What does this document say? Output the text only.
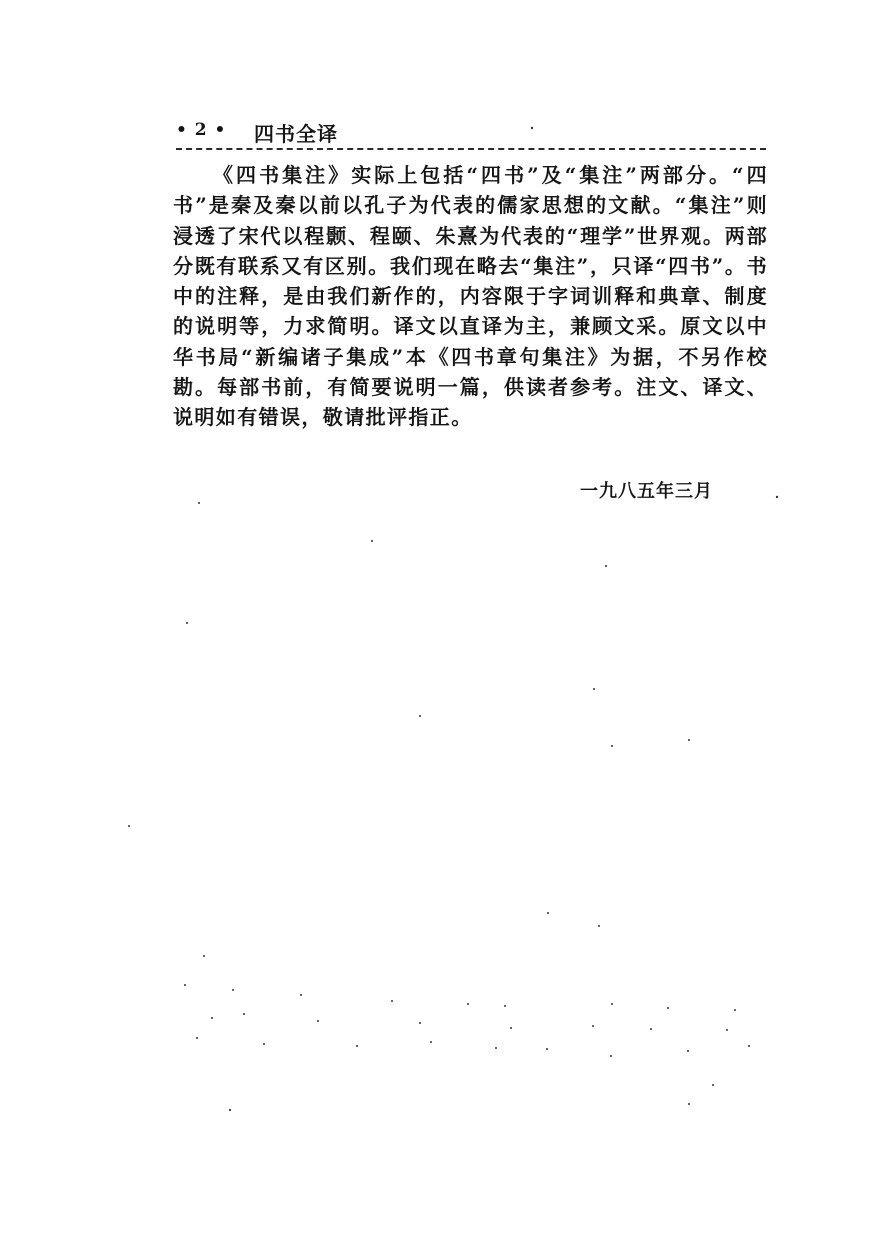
• 2 • 四书全译

《四书集注》实际上包括“四书”及“集注”两部分。“四书”是秦及秦以前以孔子为代表的儒家思想的文献。“集注”则浸透了宋代以程颢、程颐、朱熹为代表的“理学”世界观。两部分既有联系又有区别。我们现在略去“集注”，只译“四书”。书中的注释，是由我们新作的，内容限于字词训释和典章、制度的说明等，力求简明。译文以直译为主，兼顾文采。原文以中华书局“新编诸子集成”本《四书章句集注》为据，不另作校勘。每部书前，有简要说明一篇，供读者参考。注文、译文、说明如有错误，敬请批评指正。

一九八五年三月
